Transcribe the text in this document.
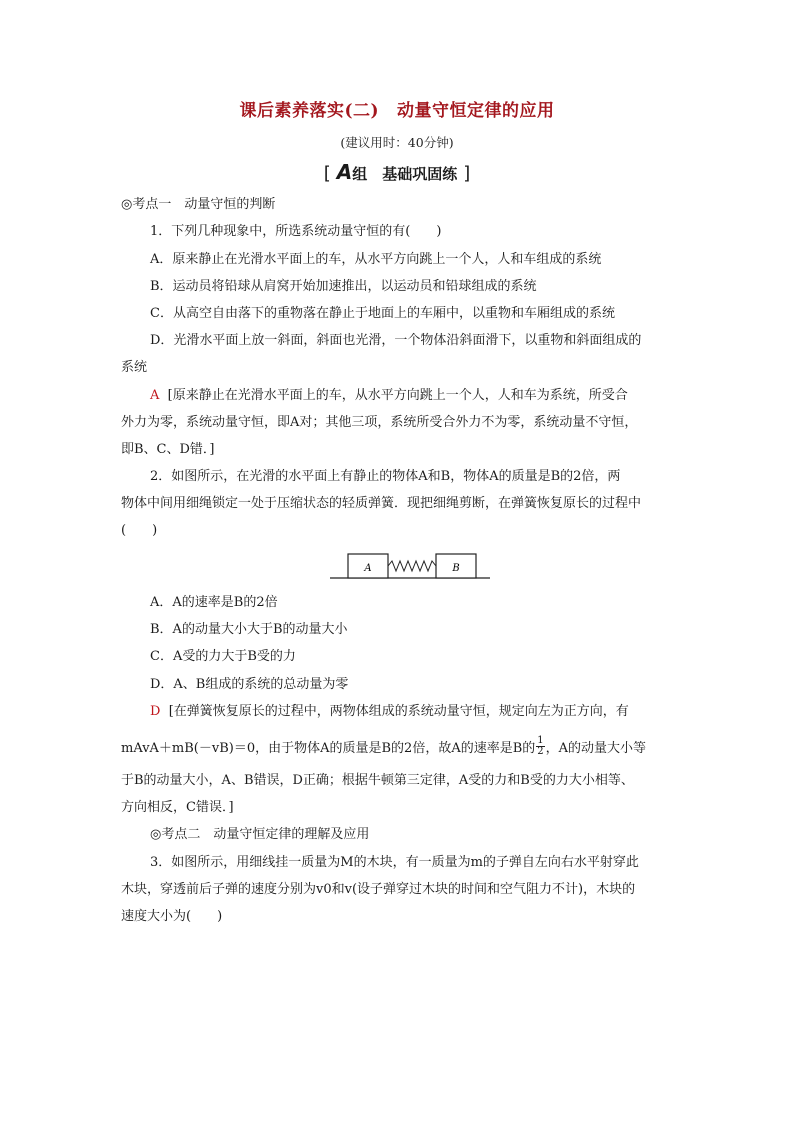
课后素养落实(二) 动量守恒定律的应用
(建议用时：40分钟)
[ A组　基础巩固练 ]
◎考点一　动量守恒的判断
1．下列几种现象中，所选系统动量守恒的有(　　)
A．原来静止在光滑水平面上的车，从水平方向跳上一个人，人和车组成的系统
B．运动员将铅球从肩窝开始加速推出，以运动员和铅球组成的系统
C．从高空自由落下的重物落在静止于地面上的车厢中，以重物和车厢组成的系统
D．光滑水平面上放一斜面，斜面也光滑，一个物体沿斜面滑下，以重物和斜面组成的
系统
A [原来静止在光滑水平面上的车，从水平方向跳上一个人，人和车为系统，所受合
外力为零，系统动量守恒，即A对；其他三项，系统所受合外力不为零，系统动量不守恒，
即B、C、D错．]
2．如图所示，在光滑的水平面上有静止的物体A和B，物体A的质量是B的2倍，两
物体中间用细绳锁定一处于压缩状态的轻质弹簧．现把细绳剪断，在弹簧恢复原长的过程中
(　　)
A	B
A．A的速率是B的2倍
B．A的动量大小大于B的动量大小
C．A受的力大于B受的力
D．A、B组成的系统的总动量为零
D [在弹簧恢复原长的过程中，两物体组成的系统动量守恒，规定向左为正方向，有
mAvA＋mB(－vB)＝0，由于物体A的质量是B的2倍，故A的速率是B的 $\frac{1}{2}$ ，A的动量大小等
于B的动量大小，A、B错误，D正确；根据牛顿第三定律，A受的力和B受的力大小相等、
方向相反，C错误．]
◎考点二　动量守恒定律的理解及应用
3．如图所示，用细线挂一质量为M的木块，有一质量为m的子弹自左向右水平射穿此
木块，穿透前后子弹的速度分别为v0和v(设子弹穿过木块的时间和空气阻力不计)，木块的
速度大小为(　　)
